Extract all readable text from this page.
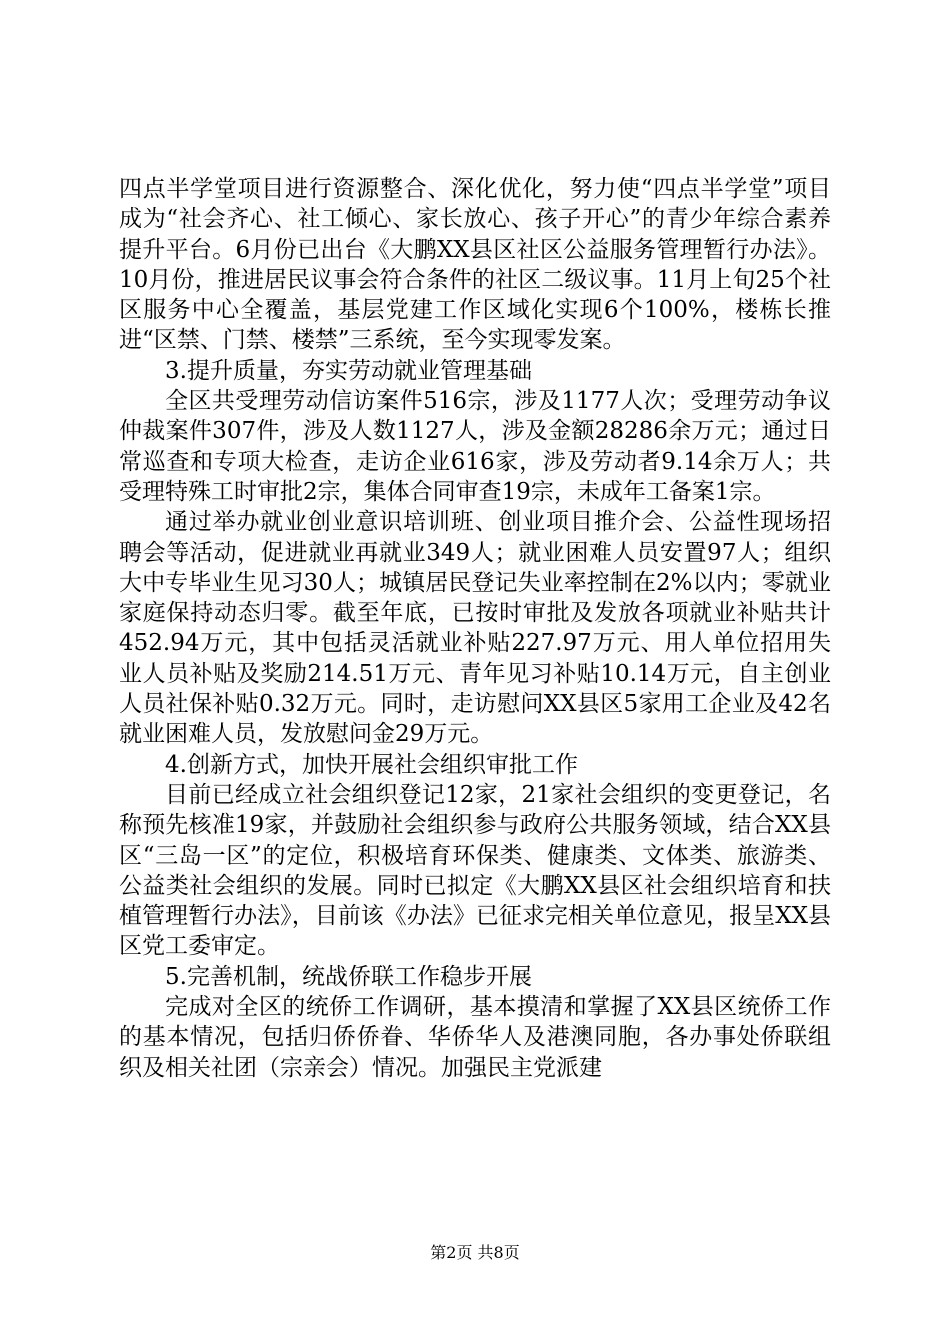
四点半学堂项目进行资源整合、深化优化，努力使“四点半学堂”项目成为“社会齐心、社工倾心、家长放心、孩子开心”的青少年综合素养提升平台。6月份已出台《大鹏XX县区社区公益服务管理暂行办法》。10月份，推进居民议事会符合条件的社区二级议事。11月上旬25个社区服务中心全覆盖，基层党建工作区域化实现6个100%，楼栋长推进“区禁、门禁、楼禁”三系统，至今实现零发案。

3.提升质量，夯实劳动就业管理基础

全区共受理劳动信访案件516宗，涉及1177人次；受理劳动争议仲裁案件307件，涉及人数1127人，涉及金额28286余万元；通过日常巡查和专项大检查，走访企业616家，涉及劳动者9.14余万人；共受理特殊工时审批2宗，集体合同审查19宗，未成年工备案1宗。

通过举办就业创业意识培训班、创业项目推介会、公益性现场招聘会等活动，促进就业再就业349人；就业困难人员安置97人；组织大中专毕业生见习30人；城镇居民登记失业率控制在2%以内；零就业家庭保持动态归零。截至年底，已按时审批及发放各项就业补贴共计452.94万元，其中包括灵活就业补贴227.97万元、用人单位招用失业人员补贴及奖励214.51万元、青年见习补贴10.14万元，自主创业人员社保补贴0.32万元。同时，走访慰问XX县区5家用工企业及42名就业困难人员，发放慰问金29万元。

4.创新方式，加快开展社会组织审批工作

目前已经成立社会组织登记12家，21家社会组织的变更登记，名称预先核准19家，并鼓励社会组织参与政府公共服务领域，结合XX县区“三岛一区”的定位，积极培育环保类、健康类、文体类、旅游类、公益类社会组织的发展。同时已拟定《大鹏XX县区社会组织培育和扶植管理暂行办法》，目前该《办法》已征求完相关单位意见，报呈XX县区党工委审定。

5.完善机制，统战侨联工作稳步开展

完成对全区的统侨工作调研，基本摸清和掌握了XX县区统侨工作的基本情况，包括归侨侨眷、华侨华人及港澳同胞，各办事处侨联组织及相关社团（宗亲会）情况。加强民主党派建

第2页 共8页
